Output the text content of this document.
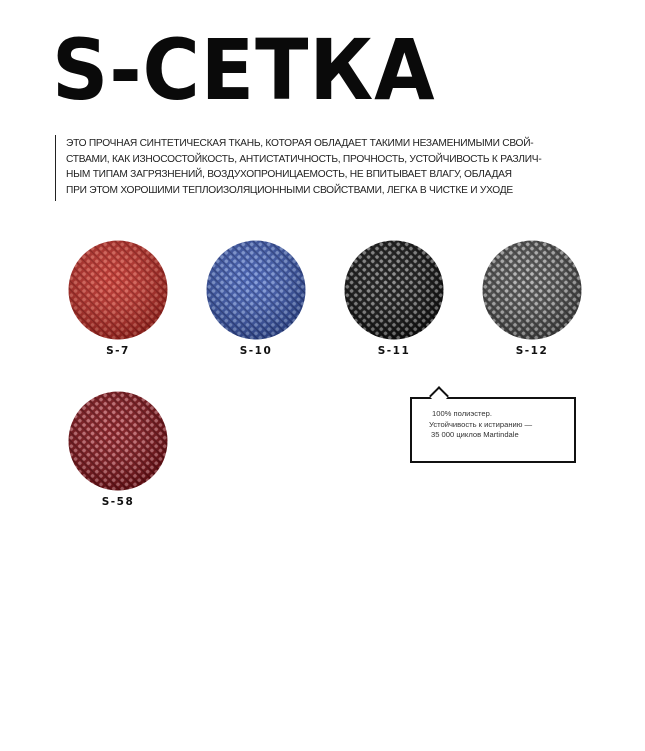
S-СЕТКА

ЭТО ПРОЧНАЯ СИНТЕТИЧЕСКАЯ ТКАНЬ, КОТОРАЯ ОБЛАДАЕТ ТАКИМИ НЕЗАМЕНИМЫМИ СВОЙ-
СТВАМИ, КАК ИЗНОСОСТОЙКОСТЬ, АНТИСТАТИЧНОСТЬ, ПРОЧНОСТЬ, УСТОЙЧИВОСТЬ К РАЗЛИЧ-
НЫМ ТИПАМ ЗАГРЯЗНЕНИЙ, ВОЗДУХОПРОНИЦАЕМОСТЬ, НЕ ВПИТЫВАЕТ ВЛАГУ, ОБЛАДАЯ
ПРИ ЭТОМ ХОРОШИМИ ТЕПЛОИЗОЛЯЦИОННЫМИ СВОЙСТВАМИ, ЛЕГКА В ЧИСТКЕ И УХОДЕ

S-7	S-10	S-11	S-12
S-58
100% полиэстер.
Устойчивость к истиранию —
35 000 циклов Martindale
